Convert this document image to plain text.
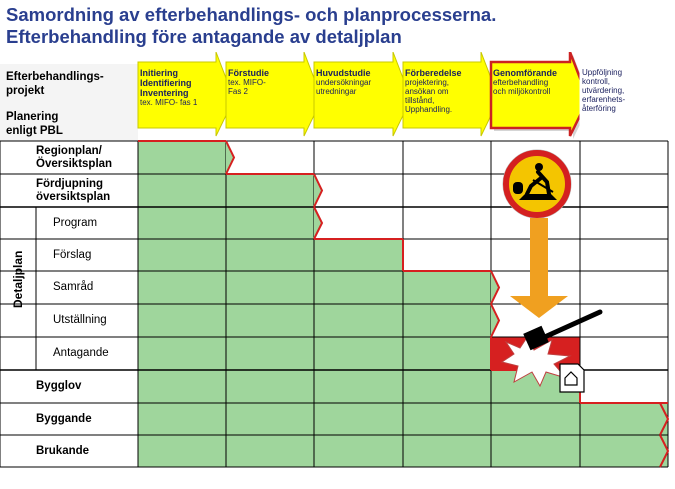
Samordning av efterbehandlings- och planprocesserna.
Efterbehandling före antagande av detaljplan
Efterbehandlings-
projekt
Planering
enligt PBL
Initiering
Identifiering
Inventering
tex. MIFO- fas 1
Förstudie
tex. MIFO-
Fas 2
Huvudstudie
undersökningar
utredningar
Förberedelse
projektering,
ansökan om
tillstånd,
Upphandling.
Genomförande
efterbehandling
och miljökontroll
Uppföljning
kontroll,
utvärdering,
erfarenhets-
återföring
Regionplan/
Översiktsplan
Fördjupning
översiktsplan
Program
Förslag
Samråd
Utställning
Antagande
Bygglov
Byggande
Brukande
Detaljplan
